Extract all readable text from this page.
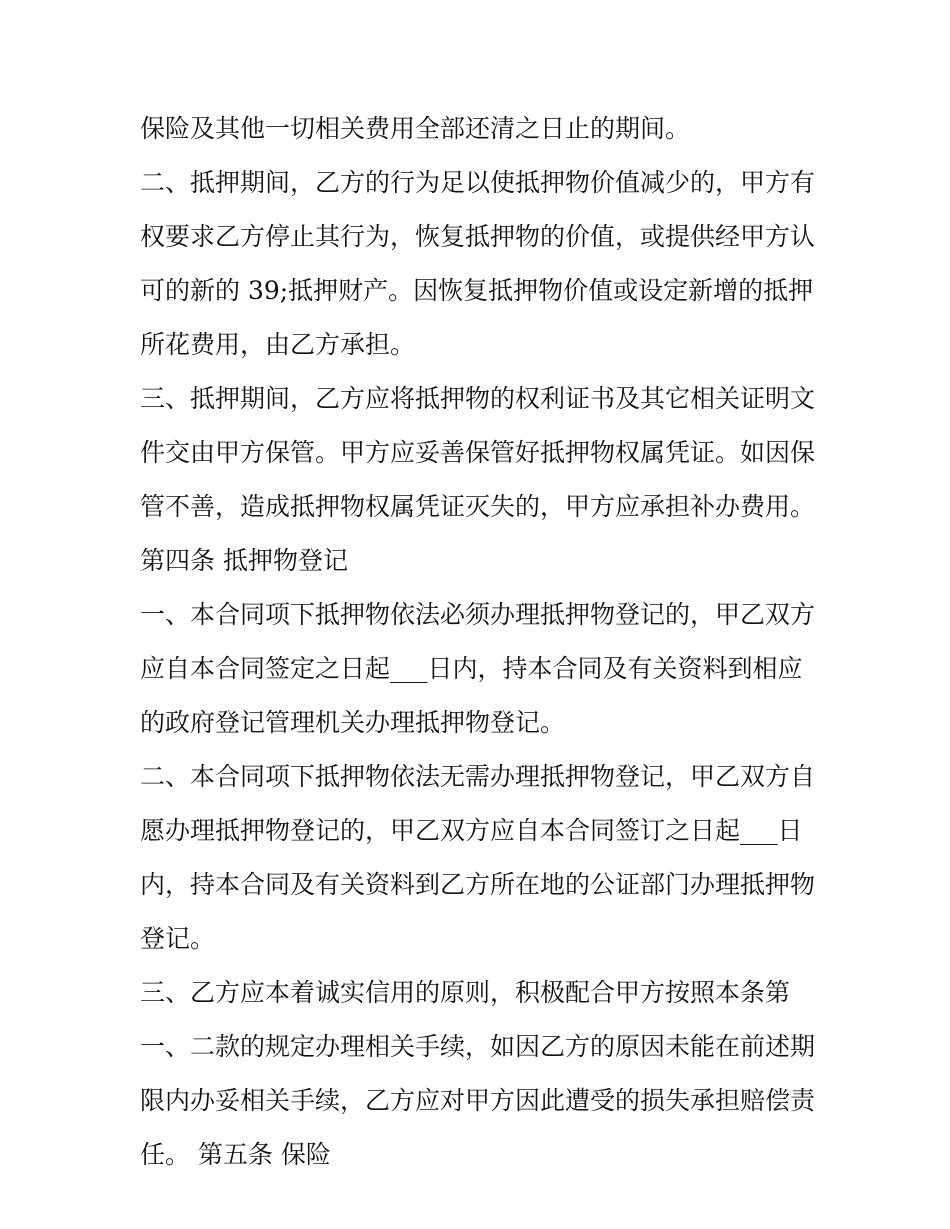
保险及其他一切相关费用全部还清之日止的期间。
二、抵押期间，乙方的行为足以使抵押物价值减少的，甲方有
权要求乙方停止其行为，恢复抵押物的价值，或提供经甲方认
可的新的 39;抵押财产。因恢复抵押物价值或设定新增的抵押
所花费用，由乙方承担。
三、抵押期间，乙方应将抵押物的权利证书及其它相关证明文
件交由甲方保管。甲方应妥善保管好抵押物权属凭证。如因保
管不善，造成抵押物权属凭证灭失的，甲方应承担补办费用。
第四条 抵押物登记
一、本合同项下抵押物依法必须办理抵押物登记的，甲乙双方
应自本合同签定之日起___日内，持本合同及有关资料到相应
的政府登记管理机关办理抵押物登记。
二、本合同项下抵押物依法无需办理抵押物登记，甲乙双方自
愿办理抵押物登记的，甲乙双方应自本合同签订之日起___日
内，持本合同及有关资料到乙方所在地的公证部门办理抵押物
登记。
三、乙方应本着诚实信用的原则，积极配合甲方按照本条第
一、二款的规定办理相关手续，如因乙方的原因未能在前述期
限内办妥相关手续，乙方应对甲方因此遭受的损失承担赔偿责
任。 第五条 保险
